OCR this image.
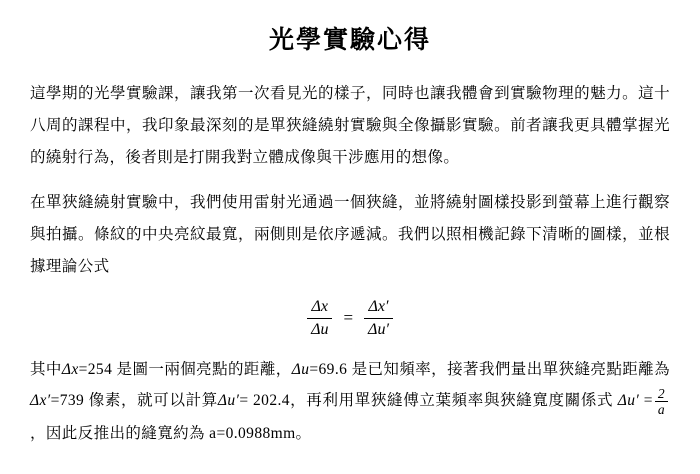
光學實驗心得

這學期的光學實驗課，讓我第一次看見光的樣子，同時也讓我體會到實驗物理的魅力。這十八周的課程中，我印象最深刻的是單狹縫繞射實驗與全像攝影實驗。前者讓我更具體掌握光的繞射行為，後者則是打開我對立體成像與干涉應用的想像。

在單狹縫繞射實驗中，我們使用雷射光通過一個狹縫，並將繞射圖樣投影到螢幕上進行觀察與拍攝。條紋的中央亮紋最寬，兩側則是依序遞減。我們以照相機記錄下清晰的圖樣，並根據理論公式

$\frac{\Delta x}{\Delta u} = \frac{\Delta x'}{\Delta u'}$

其中Δx=254 是圖一兩個亮點的距離，Δu=69.6 是已知頻率，接著我們量出單狹縫亮點距離為Δx′=739 像素，就可以計算Δu′= 202.4，再利用單狹縫傅立葉頻率與狹縫寬度關係式 $\Delta u' = \frac{2}{a}$
，因此反推出的縫寬約為 a=0.0988mm。
